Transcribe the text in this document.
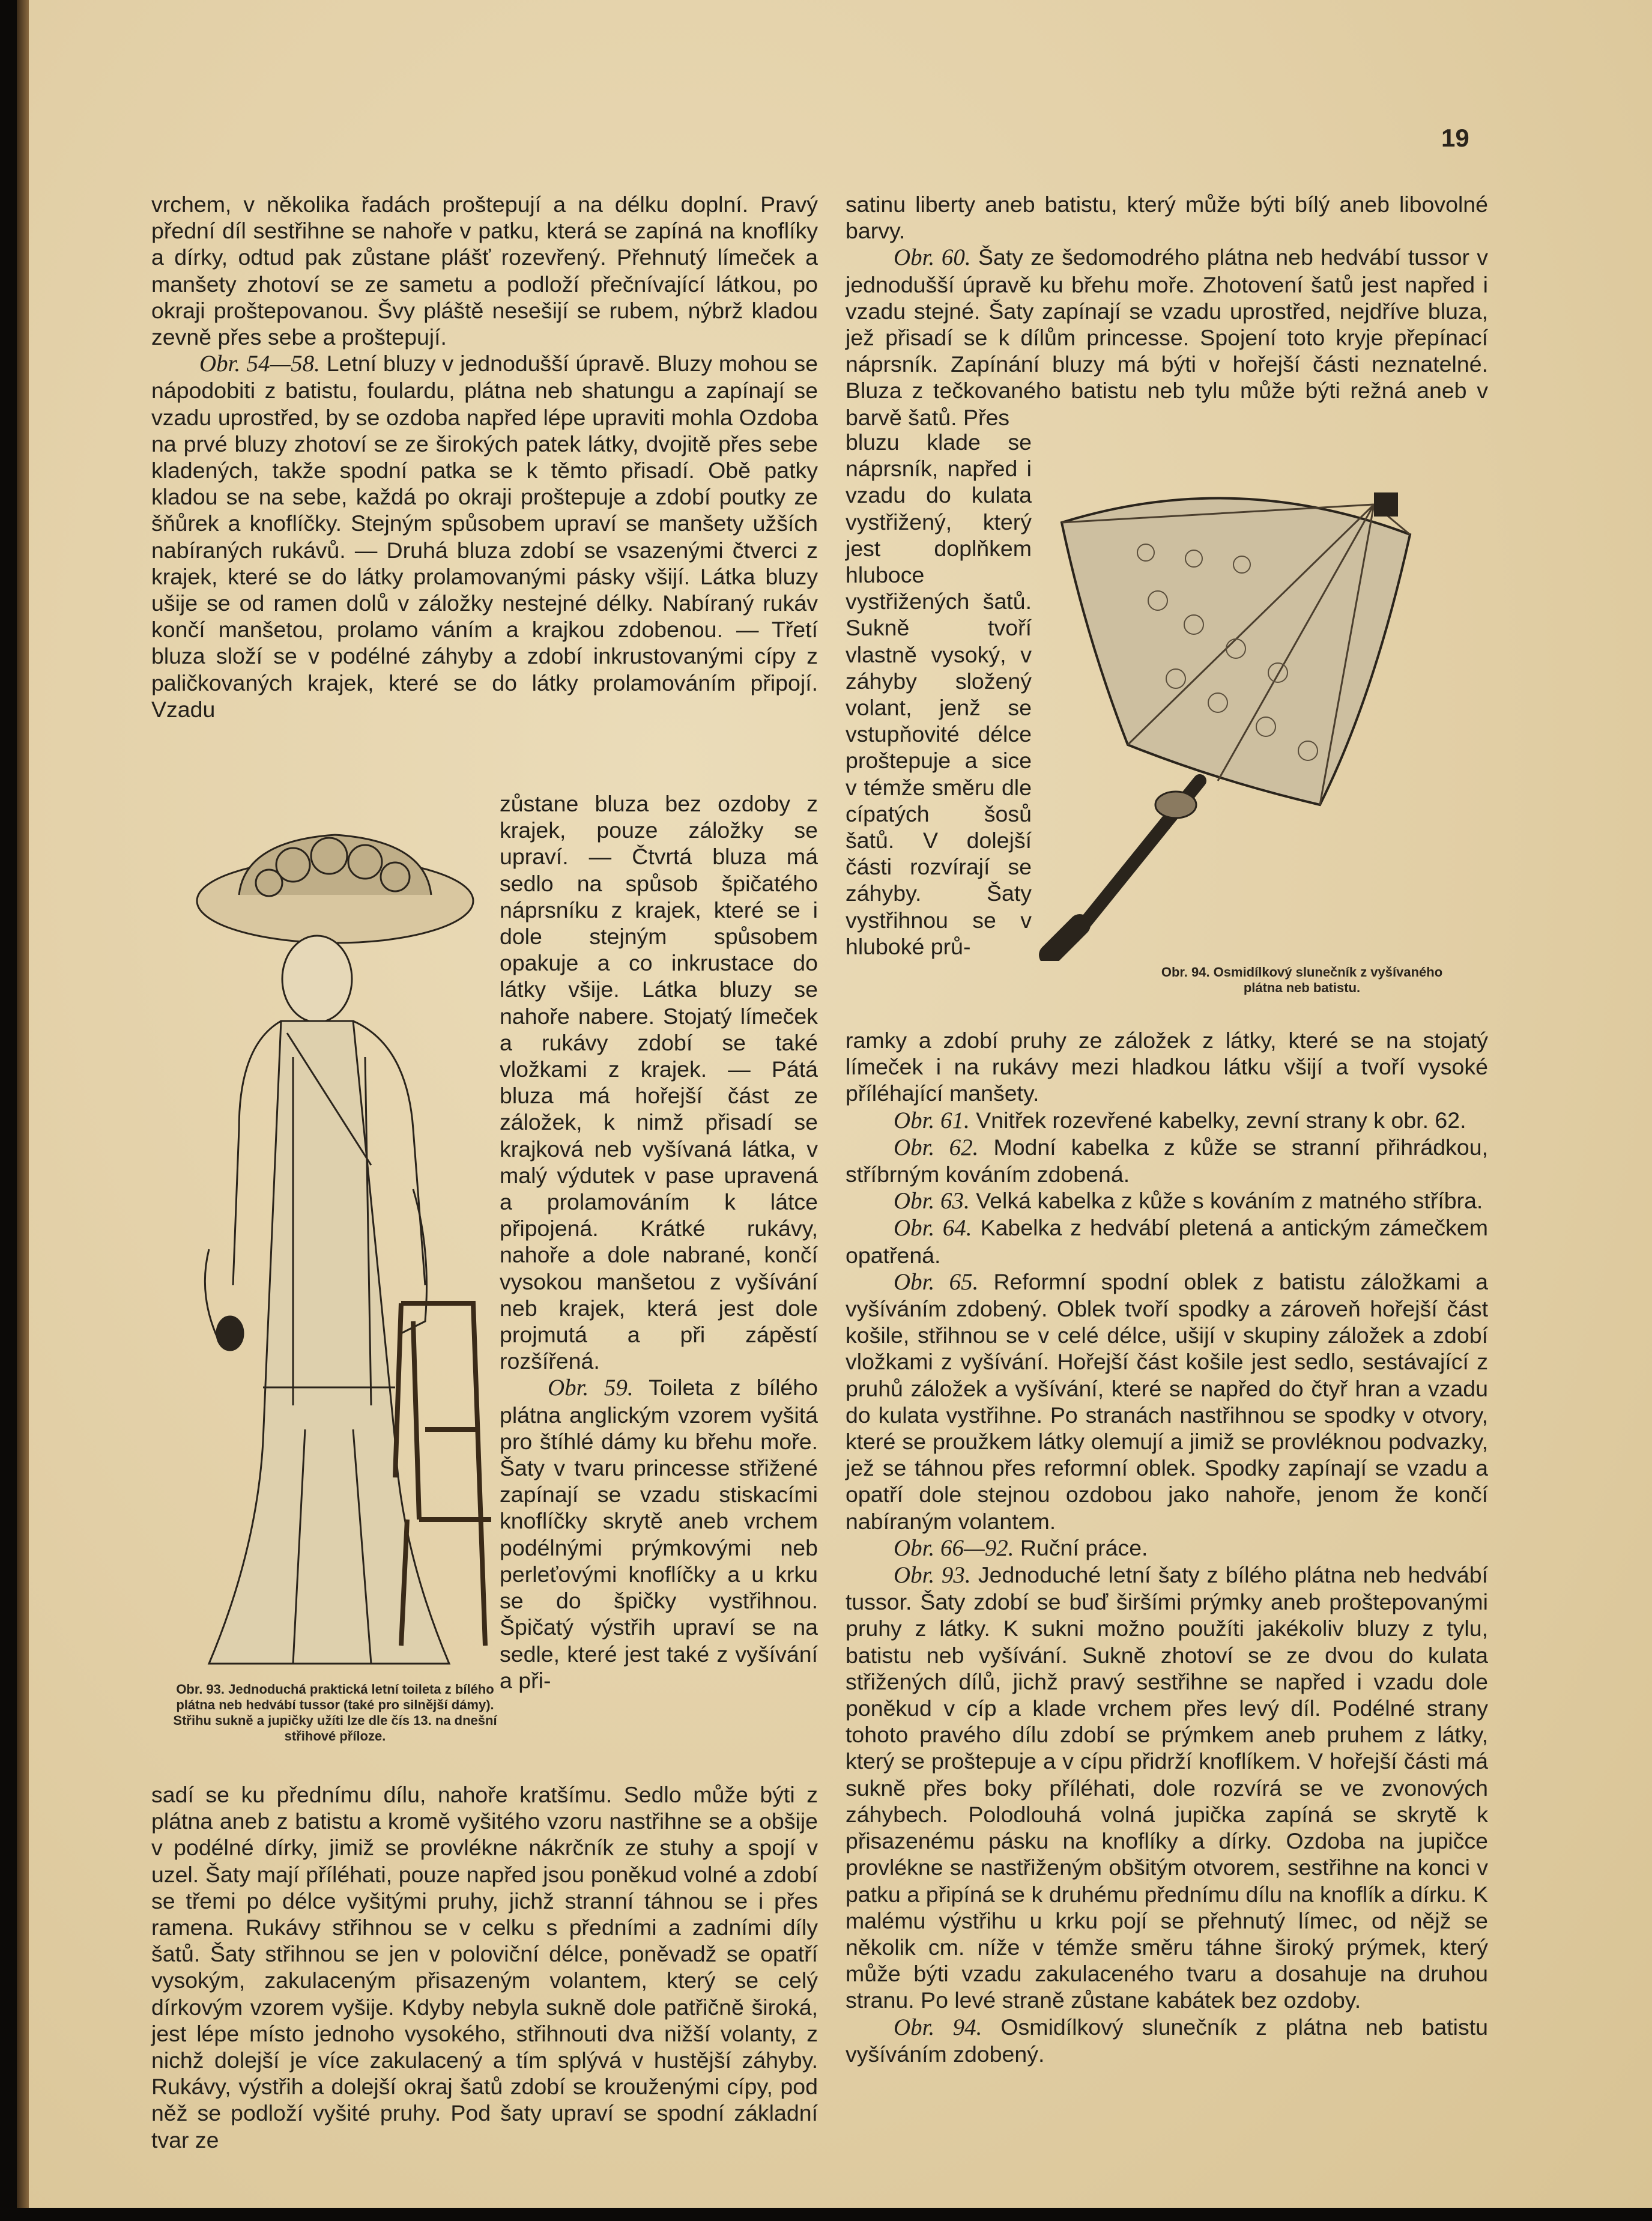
19

vrchem, v několika řadách proštepují a na délku doplní. Pravý přední díl sestřihne se nahoře v patku, která se zapíná na knoflíky a dírky, odtud pak zůstane plášť rozevřený. Přehnutý límeček a manšety zhotoví se ze sametu a podloží přečnívající látkou, po okraji proštepovanou. Švy pláště nesešijí se rubem, nýbrž kladou zevně přes sebe a proštepují.

Obr. 54—58. Letní bluzy v jednodušší úpravě. Bluzy mohou se nápodobiti z batistu, foulardu, plátna neb shatungu a zapínají se vzadu uprostřed, by se ozdoba napřed lépe upraviti mohla Ozdoba na prvé bluzy zhotoví se ze širokých patek látky, dvojitě přes sebe kladených, takže spodní patka se k těmto přisadí. Obě patky kladou se na sebe, každá po okraji proštepuje a zdobí poutky ze šňůrek a knoflíčky. Stejným spůsobem upraví se manšety užších nabíraných rukávů. — Druhá bluza zdobí se vsazenými čtverci z krajek, které se do látky prolamovanými pásky všijí. Látka bluzy ušije se od ramen dolů v záložky nestejné délky. Nabíraný rukáv končí manšetou, prolamo váním a krajkou zdobenou. — Třetí bluza složí se v podélné záhyby a zdobí inkrustovanými cípy z paličkovaných krajek, které se do látky prolamováním připojí. Vzadu

Obr. 93. Jednoduchá praktická letní toileta z bílého plátna neb hedvábí tussor (také pro silnější dámy). Střihu sukně a jupičky užíti lze dle čís 13. na dnešní střihové příloze.

zůstane bluza bez ozdoby z krajek, pouze záložky se upraví. — Čtvrtá bluza má sedlo na spůsob špičatého náprsníku z krajek, které se i dole stejným spůsobem opakuje a co inkrustace do látky všije. Látka bluzy se nahoře nabere. Stojatý límeček a rukávy zdobí se také vložkami z krajek. — Pátá bluza má hořejší část ze záložek, k nimž přisadí se krajková neb vyšívaná látka, v malý výdutek v pase upravená a prolamováním k látce připojená. Krátké rukávy, nahoře a dole nabrané, končí vysokou manšetou z vyšívání neb krajek, která jest dole projmutá a při zápěstí rozšířená.

Obr. 59. Toileta z bílého plátna anglickým vzorem vyšitá pro štíhlé dámy ku břehu moře. Šaty v tvaru princesse střižené zapínají se vzadu stiskacími knoflíčky skrytě aneb vrchem podélnými prýmkovými neb perleťovými knoflíčky a u krku se do špičky vystřihnou. Špičatý výstřih upraví se na sedle, které jest také z vyšívání a při-

sadí se ku přednímu dílu, nahoře kratšímu. Sedlo může býti z plátna aneb z batistu a kromě vyšitého vzoru nastřihne se a obšije v podélné dírky, jimiž se provlékne nákrčník ze stuhy a spojí v uzel. Šaty mají příléhati, pouze napřed jsou poněkud volné a zdobí se třemi po délce vyšitými pruhy, jichž stranní táhnou se i přes ramena. Rukávy střihnou se v celku s předními a zadními díly šatů. Šaty střihnou se jen v poloviční délce, poněvadž se opatří vysokým, zakulaceným přisazeným volantem, který se celý dírkovým vzorem vyšije. Kdyby nebyla sukně dole patřičně široká, jest lépe místo jednoho vysokého, střihnouti dva nižší volanty, z nichž dolejší je více zakulacený a tím splývá v hustější záhyby. Rukávy, výstřih a dolejší okraj šatů zdobí se kroužený​mi cípy, pod něž se podloží vyšité pruhy. Pod šaty upraví se spodní základní tvar ze

satinu liberty aneb batistu, který může býti bílý aneb libovolné barvy.

Obr. 60. Šaty ze šedomodrého plátna neb hedvábí tussor v jednodušší úpravě ku břehu moře. Zhotovení šatů jest napřed i vzadu stejné. Šaty zapínají se vzadu uprostřed, nejdříve bluza, jež přisadí se k dílům princesse. Spojení toto kryje přepínací náprsník. Zapínání bluzy má býti v hořejší části neznatelné. Bluza z tečkovaného batistu neb tylu může býti režná aneb v barvě šatů. Přes

bluzu klade se náprsník, napřed i vzadu do kulata vystřižený, který jest doplňkem hluboce vystřižených šatů. Sukně tvoří vlastně vysoký, v záhyby složený volant, jenž se vstupňovité délce proštepuje a sice v témže směru dle cípatých šosů šatů. V dolejší části rozvírají se záhyby. Šaty vystřihnou se v hluboké prů-

Obr. 94. Osmidílkový slunečník z vyšívaného plátna neb batistu.

ramky a zdobí pruhy ze záložek z látky, které se na stojatý límeček i na rukávy mezi hladkou látku všijí a tvoří vysoké příléhající manšety.

Obr. 61. Vnitřek rozevřené kabelky, zevní strany k obr. 62.

Obr. 62. Modní kabelka z kůže se stranní přihrádkou, stříbrným kováním zdobená.

Obr. 63. Velká kabelka z kůže s kováním z matného stříbra.

Obr. 64. Kabelka z hedvábí pletená a antickým zámečkem opatřená.

Obr. 65. Reformní spodní oblek z batistu záložkami a vyšíváním zdobený. Oblek tvoří spodky a zároveň hořejší část košile, střihnou se v celé délce, ušijí v skupiny záložek a zdobí vložkami z vyšívání. Hořejší část košile jest sedlo, sestávající z pruhů záložek a vyšívání, které se napřed do čtyř hran a vzadu do kulata vystřihne. Po stranách nastřihnou se spodky v otvory, které se proužkem látky olemují a jimiž se provléknou podvazky, jež se táhnou přes reformní oblek. Spodky zapínají se vzadu a opatří dole stejnou ozdobou jako nahoře, jenom že končí nabíraným volantem.

Obr. 66—92. Ruční práce.

Obr. 93. Jednoduché letní šaty z bílého plátna neb hedvábí tussor. Šaty zdobí se buď širšími prýmky aneb proštepovanými pruhy z látky. K sukni možno použíti jakékoliv bluzy z tylu, batistu neb vyšívání. Sukně zhotoví se ze dvou do kulata střižených dílů, jichž pravý sestřihne se napřed i vzadu dole poněkud v cíp a klade vrchem přes levý díl. Podélné strany tohoto pravého dílu zdobí se prýmkem aneb pruhem z látky, který se proštepuje a v cípu přidrží knoflíkem. V hořejší části má sukně přes boky příléhati, dole rozvírá se ve zvonových záhybech. Polodlouhá volná jupička zapíná se skrytě k přisazenému pásku na knoflíky a dírky. Ozdoba na jupičce provlékne se nastřiženým obšitým otvorem, sestřihne na konci v patku a připíná se k druhému přednímu dílu na knoflík a dírku. K malému výstřihu u krku pojí se přehnutý límec, od nějž se několik cm. níže v témže směru táhne široký prýmek, který může býti vzadu zakulaceného tvaru a dosahuje na druhou stranu. Po levé straně zůstane kabátek bez ozdoby.

Obr. 94. Osmidílkový slunečník z plátna neb batistu vyšíváním zdobený.
